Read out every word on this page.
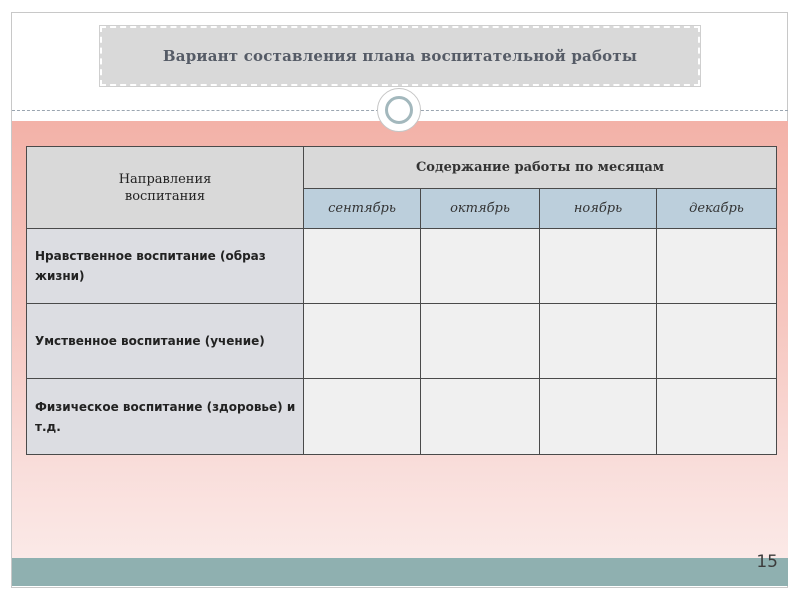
Вариант составления плана воспитательной работы
Направления воспитания	Содержание работы по месяцам			
	сентябрь	октябрь	ноябрь	декабрь
Нравственное воспитание (образ жизни)				
Умственное воспитание (учение)				
Физическое воспитание (здоровье) и т.д.				
15
